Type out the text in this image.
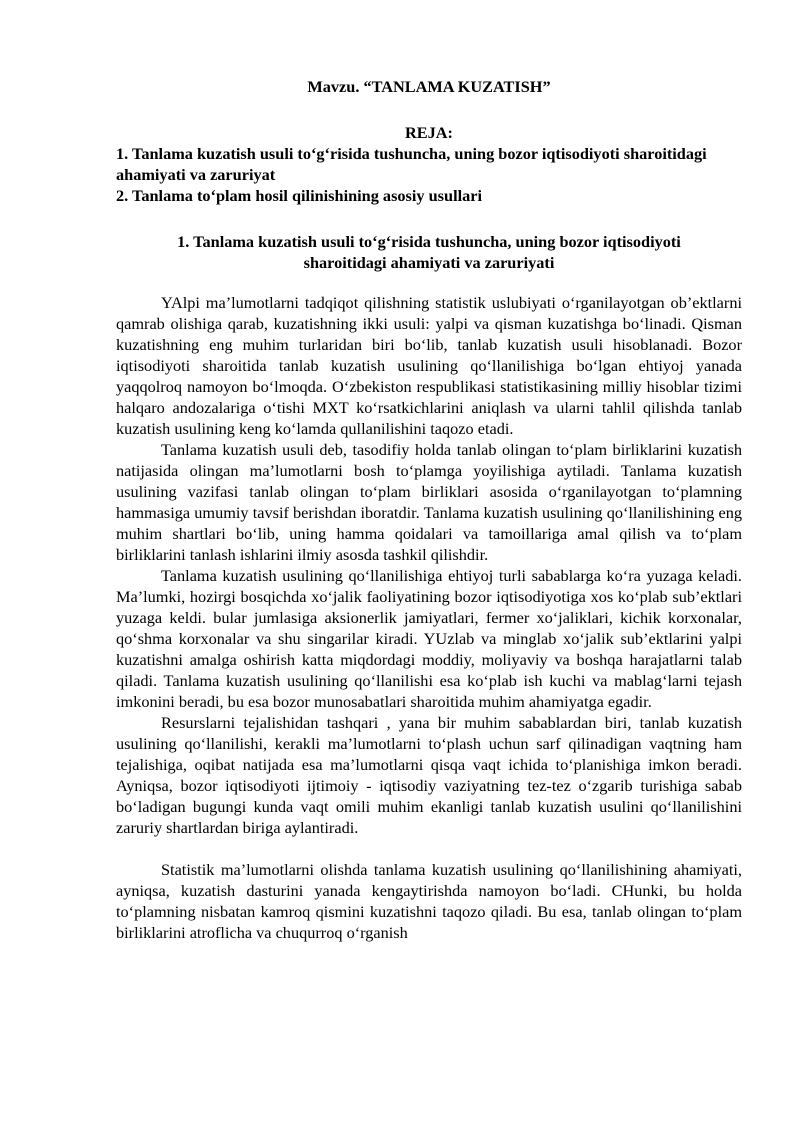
Mavzu. “TANLAMA KUZATISH”
REJA:
1. Tanlama kuzatish usuli to‘g‘risida tushuncha, uning bozor iqtisodiyoti sharoitidagi ahamiyati va zaruriyat
2. Tanlama to‘plam hosil qilinishining asosiy usullari
1. Tanlama kuzatish usuli to‘g‘risida tushuncha, uning bozor iqtisodiyoti
sharoitidagi ahamiyati va zaruriyati

YAlpi ma’lumotlarni tadqiqot qilishning statistik uslubiyati o‘rganilayotgan ob’ektlarni qamrab olishiga qarab, kuzatishning ikki usuli: yalpi va qisman kuzatishga bo‘linadi. Qisman kuzatishning eng muhim turlaridan biri bo‘lib, tanlab kuzatish usuli hisoblanadi. Bozor iqtisodiyoti sharoitida tanlab kuzatish usulining qo‘llanilishiga bo‘lgan ehtiyoj yanada yaqqolroq namoyon bo‘lmoqda. O‘zbekiston respublikasi statistikasining milliy hisoblar tizimi halqaro andozalariga o‘tishi MXT ko‘rsatkichlarini aniqlash va ularni tahlil qilishda tanlab kuzatish usulining keng ko‘lamda qullanilishini taqozo etadi.

Tanlama kuzatish usuli deb, tasodifiy holda tanlab olingan to‘plam birliklarini kuzatish natijasida olingan ma’lumotlarni bosh to‘plamga yoyilishiga aytiladi. Tanlama kuzatish usulining vazifasi tanlab olingan to‘plam birliklari asosida o‘rganilayotgan to‘plamning hammasiga umumiy tavsif berishdan iboratdir. Tanlama kuzatish usulining qo‘llanilishining eng muhim shartlari bo‘lib, uning hamma qoidalari va tamoillariga amal qilish va to‘plam birliklarini tanlash ishlarini ilmiy asosda tashkil qilishdir.

Tanlama kuzatish usulining qo‘llanilishiga ehtiyoj turli sabablarga ko‘ra yuzaga keladi. Ma’lumki, hozirgi bosqichda xo‘jalik faoliyatining bozor iqtisodiyotiga xos ko‘plab sub’ektlari yuzaga keldi. bular jumlasiga aksionerlik jamiyatlari, fermer xo‘jaliklari, kichik korxonalar, qo‘shma korxonalar va shu singarilar kiradi. YUzlab va minglab xo‘jalik sub’ektlarini yalpi kuzatishni amalga oshirish katta miqdordagi moddiy, moliyaviy va boshqa harajatlarni talab qiladi. Tanlama kuzatish usulining qo‘llanilishi esa ko‘plab ish kuchi va mablag‘larni tejash imkonini beradi, bu esa bozor munosabatlari sharoitida muhim ahamiyatga egadir.

Resurslarni tejalishidan tashqari , yana bir muhim sabablardan biri, tanlab kuzatish usulining qo‘llanilishi, kerakli ma’lumotlarni to‘plash uchun sarf qilinadigan vaqtning ham tejalishiga, oqibat natijada esa ma’lumotlarni qisqa vaqt ichida to‘planishiga imkon beradi. Ayniqsa, bozor iqtisodiyoti ijtimoiy - iqtisodiy vaziyatning tez-tez o‘zgarib turishiga sabab bo‘ladigan bugungi kunda vaqt omili muhim ekanligi tanlab kuzatish usulini qo‘llanilishini zaruriy shartlardan biriga aylantiradi.

Statistik ma’lumotlarni olishda tanlama kuzatish usulining qo‘llanilishining ahamiyati, ayniqsa, kuzatish dasturini yanada kengaytirishda namoyon bo‘ladi. CHunki, bu holda to‘plamning nisbatan kamroq qismini kuzatishni taqozo qiladi. Bu esa, tanlab olingan to‘plam birliklarini atroflicha va chuqurroq o‘rganish
